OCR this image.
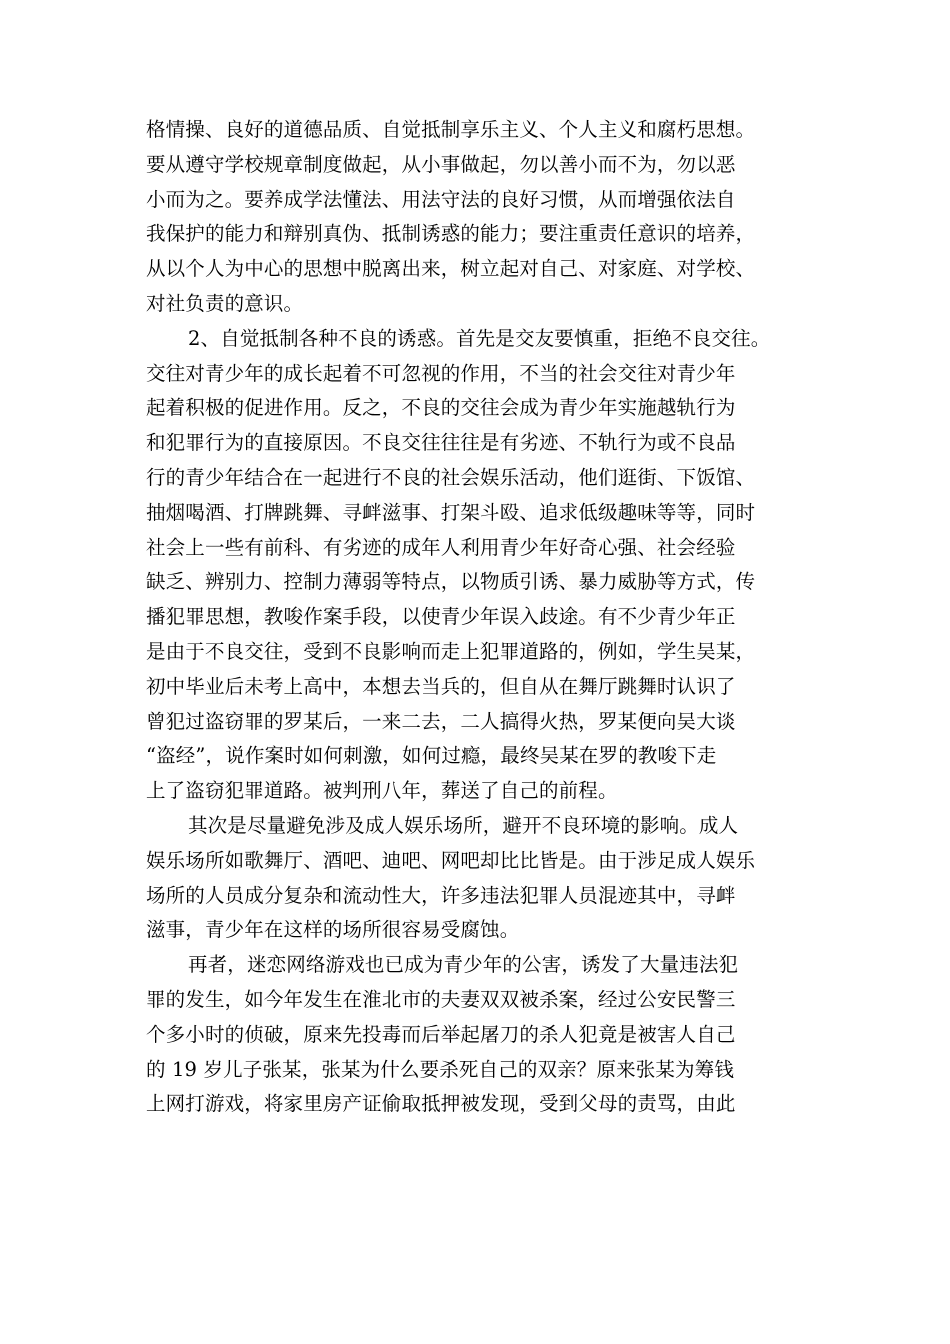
格情操、良好的道德品质、自觉抵制享乐主义、个人主义和腐朽思想。
要从遵守学校规章制度做起，从小事做起，勿以善小而不为，勿以恶
小而为之。要养成学法懂法、用法守法的良好习惯，从而增强依法自
我保护的能力和辩别真伪、抵制诱惑的能力；要注重责任意识的培养，
从以个人为中心的思想中脱离出来，树立起对自己、对家庭、对学校、
对社负责的意识。
2、自觉抵制各种不良的诱惑。首先是交友要慎重，拒绝不良交往。
交往对青少年的成长起着不可忽视的作用，不当的社会交往对青少年
起着积极的促进作用。反之，不良的交往会成为青少年实施越轨行为
和犯罪行为的直接原因。不良交往往往是有劣迹、不轨行为或不良品
行的青少年结合在一起进行不良的社会娱乐活动，他们逛街、下饭馆、
抽烟喝酒、打牌跳舞、寻衅滋事、打架斗殴、追求低级趣味等等，同时
社会上一些有前科、有劣迹的成年人利用青少年好奇心强、社会经验
缺乏、辨别力、控制力薄弱等特点，以物质引诱、暴力威胁等方式，传
播犯罪思想，教唆作案手段，以使青少年误入歧途。有不少青少年正
是由于不良交往，受到不良影响而走上犯罪道路的，例如，学生吴某，
初中毕业后未考上高中，本想去当兵的，但自从在舞厅跳舞时认识了
曾犯过盗窃罪的罗某后，一来二去，二人搞得火热，罗某便向吴大谈
“盗经”，说作案时如何刺激，如何过瘾，最终吴某在罗的教唆下走
上了盗窃犯罪道路。被判刑八年，葬送了自己的前程。
其次是尽量避免涉及成人娱乐场所，避开不良环境的影响。成人
娱乐场所如歌舞厅、酒吧、迪吧、网吧却比比皆是。由于涉足成人娱乐
场所的人员成分复杂和流动性大，许多违法犯罪人员混迹其中，寻衅
滋事，青少年在这样的场所很容易受腐蚀。
再者，迷恋网络游戏也已成为青少年的公害，诱发了大量违法犯
罪的发生，如今年发生在淮北市的夫妻双双被杀案，经过公安民警三
个多小时的侦破，原来先投毒而后举起屠刀的杀人犯竟是被害人自己
的 19 岁儿子张某，张某为什么要杀死自己的双亲？原来张某为筹钱
上网打游戏，将家里房产证偷取抵押被发现，受到父母的责骂，由此
